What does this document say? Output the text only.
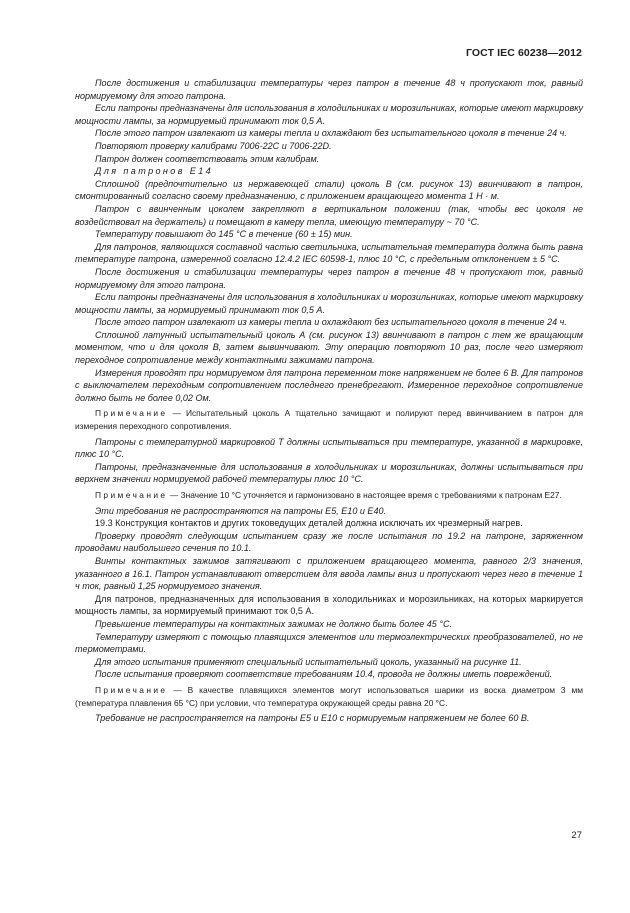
ГОСТ IEC 60238—2012

После достижения и стабилизации температуры через патрон в течение 48 ч пропускают ток, равный нормируемому для этого патрона.

Если патроны предназначены для использования в холодильниках и морозильниках, которые имеют маркировку мощности лампы, за нормируемый принимают ток 0,5 А.

После этого патрон извлекают из камеры тепла и охлаждают без испытательного цоколя в течение 24 ч.

Повторяют проверку калибрами 7006-22С и 7006-22D.

Патрон должен соответствовать этим калибрам.

Для патронов Е14

Сплошной (предпочтительно из нержавеющей стали) цоколь В (см. рисунок 13) ввинчивают в патрон, смонтированный согласно своему предназначению, с приложением вращающего момента 1 Н · м.

Патрон с ввинченным цоколем закрепляют в вертикальном положении (так, чтобы вес цоколя не воздействовал на держатель) и помещают в камеру тепла, имеющую температуру ~ 70 °С.

Температуру повышают до 145 °С в течение (60 ± 15) мин.

Для патронов, являющихся составной частью светильника, испытательная температура должна быть равна температуре патрона, измеренной согласно 12.4.2 IEC 60598-1, плюс 10 °С, с предельным отклонением ± 5 °С.

После достижения и стабилизации температуры через патрон в течение 48 ч пропускают ток, равный нормируемому для этого патрона.

Если патроны предназначены для использования в холодильниках и морозильниках, которые имеют маркировку мощности лампы, за нормируемый принимают ток 0,5 А.

После этого патрон извлекают из камеры тепла и охлаждают без испытательного цоколя в течение 24 ч.

Сплошной латунный испытательный цоколь А (см. рисунок 13) ввинчивают в патрон с тем же вращающим моментом, что и для цоколя В, затем вывинчивают. Эту операцию повторяют 10 раз, после чего измеряют переходное сопротивление между контактными зажимами патрона.

Измерения проводят при нормируемом для патрона переменном токе напряжением не более 6 В. Для патронов с выключателем переходным сопротивлением последнего пренебрегают. Измеренное переходное сопротивление должно быть не более 0,02 Ом.

Примечание — Испытательный цоколь А тщательно зачищают и полируют перед ввинчиванием в патрон для измерения переходного сопротивления.

Патроны с температурной маркировкой Т должны испытываться при температуре, указанной в маркировке, плюс 10 °С.

Патроны, предназначенные для использования в холодильниках и морозильниках, должны испытываться при верхнем значении нормируемой рабочей температуры плюс 10 °С.

Примечание — Значение 10 °С уточняется и гармонизовано в настоящее время с требованиями к патронам Е27.

Эти требования не распространяются на патроны Е5, Е10 и Е40.

19.3 Конструкция контактов и других токоведущих деталей должна исключать их чрезмерный нагрев.

Проверку проводят следующим испытанием сразу же после испытания по 19.2 на патроне, заряженном проводами наибольшего сечения по 10.1.

Винты контактных зажимов затягивают с приложением вращающего момента, равного 2/3 значения, указанного в 16.1. Патрон устанавливают отверстием для ввода лампы вниз и пропускают через него в течение 1 ч ток, равный 1,25 нормируемого значения.

Для патронов, предназначенных для использования в холодильниках и морозильниках, на которых маркируется мощность лампы, за нормируемый принимают ток 0,5 А.

Превышение температуры на контактных зажимах не должно быть более 45 °С.

Температуру измеряют с помощью плавящихся элементов или термоэлектрических преобразователей, но не термометрами.

Для этого испытания применяют специальный испытательный цоколь, указанный на рисунке 11.

После испытания проверяют соответствие требованиям 10.4, провода не должны иметь повреждений.

Примечание — В качестве плавящихся элементов могут использоваться шарики из воска диаметром 3 мм (температура плавления 65 °С) при условии, что температура окружающей среды равна 20 °С.

Требование не распространяется на патроны Е5 и Е10 с нормируемым напряжением не более 60 В.

27
